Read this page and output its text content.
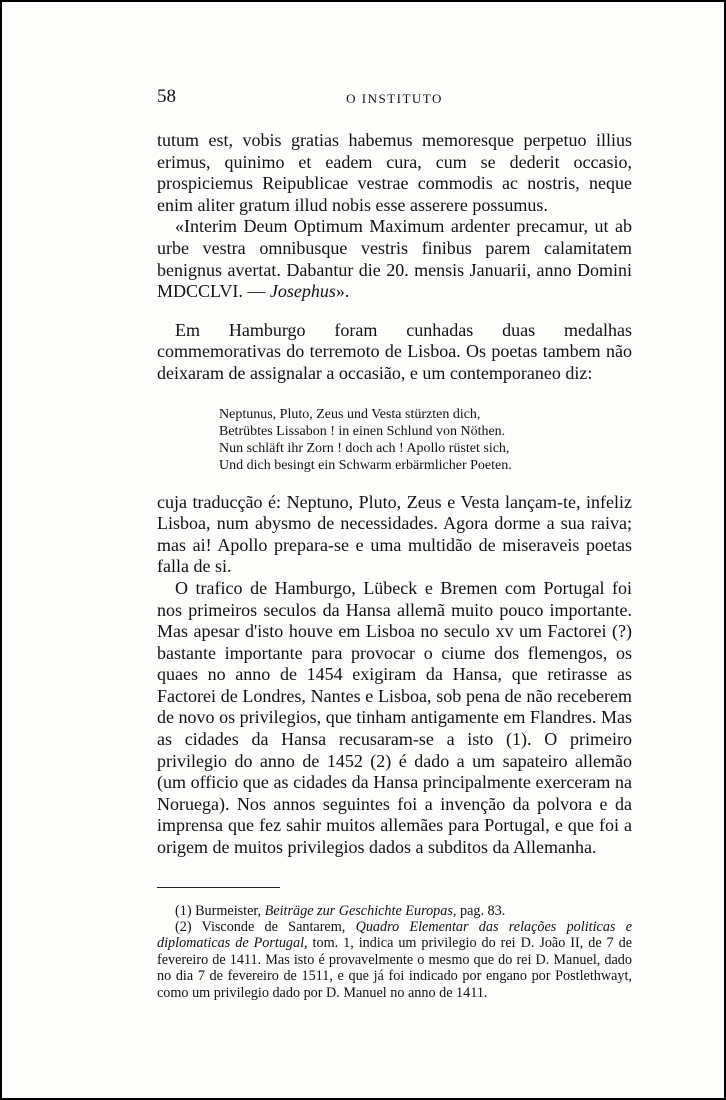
58	O INSTITUTO

tutum est, vobis gratias habemus memoresque perpetuo illius erimus, quinimo et eadem cura, cum se dederit occasio, prospiciemus Reipublicae vestrae commodis ac nostris, neque enim aliter gratum illud nobis esse asserere possumus.

«Interim Deum Optimum Maximum ardenter precamur, ut ab urbe vestra omnibusque vestris finibus parem calamitatem benignus avertat. Dabantur die 20. mensis Januarii, anno Domini MDCCLVI. — Josephus».

Em Hamburgo foram cunhadas duas medalhas commemorativas do terremoto de Lisboa. Os poetas tambem não deixaram de assignalar a occasião, e um contemporaneo diz:

Neptunus, Pluto, Zeus und Vesta stürzten dich,
Betrübtes Lissabon ! in einen Schlund von Nöthen.
Nun schläft ihr Zorn ! doch ach ! Apollo rüstet sich,
Und dich besingt ein Schwarm erbärmlicher Poeten.

cuja traducção é: Neptuno, Pluto, Zeus e Vesta lançam-te, infeliz Lisboa, num abysmo de necessidades. Agora dorme a sua raiva; mas ai! Apollo prepara-se e uma multidão de miseraveis poetas falla de si.

O trafico de Hamburgo, Lübeck e Bremen com Portugal foi nos primeiros seculos da Hansa allemã muito pouco importante. Mas apesar d'isto houve em Lisboa no seculo xv um Factorei (?) bastante importante para provocar o ciume dos flemengos, os quaes no anno de 1454 exigiram da Hansa, que retirasse as Factorei de Londres, Nantes e Lisboa, sob pena de não receberem de novo os privilegios, que tinham antigamente em Flandres. Mas as cidades da Hansa recusaram-se a isto (1). O primeiro privilegio do anno de 1452 (2) é dado a um sapateiro allemão (um officio que as cidades da Hansa principalmente exerceram na Noruega). Nos annos seguintes foi a invenção da polvora e da imprensa que fez sahir muitos allemães para Portugal, e que foi a origem de muitos privilegios dados a subditos da Allemanha.

(1) Burmeister, Beiträge zur Geschichte Europas, pag. 83.

(2) Visconde de Santarem, Quadro Elementar das relações politicas e diplomaticas de Portugal, tom. 1, indica um privilegio do rei D. João II, de 7 de fevereiro de 1411. Mas isto é provavelmente o mesmo que do rei D. Manuel, dado no dia 7 de fevereiro de 1511, e que já foi indicado por engano por Postlethwayt, como um privilegio dado por D. Manuel no anno de 1411.
